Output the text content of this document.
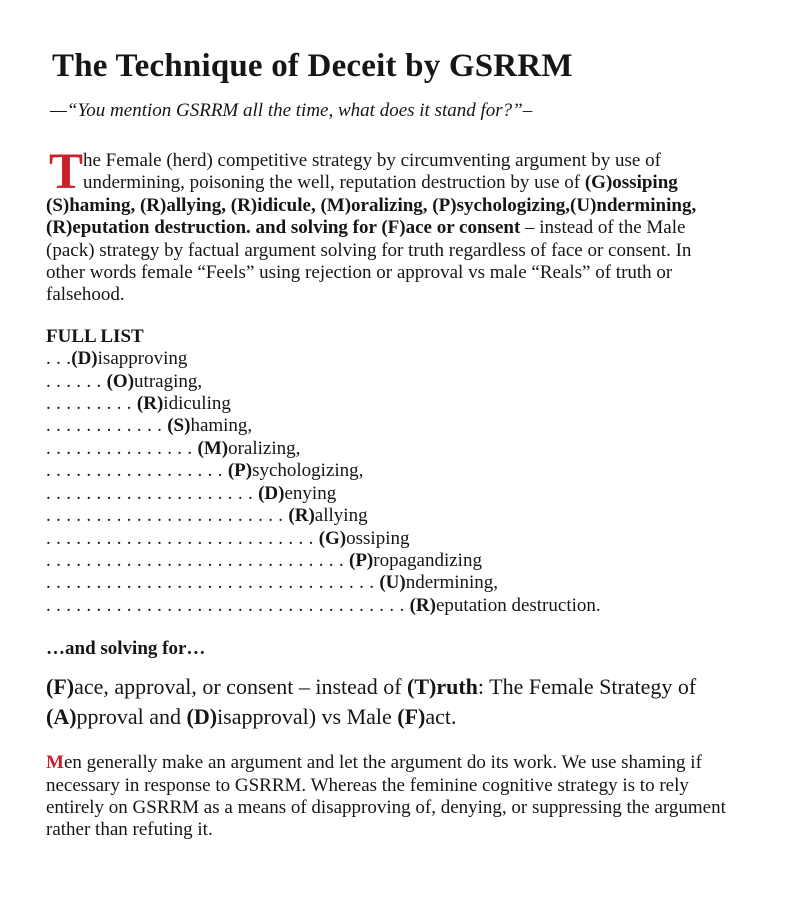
The Technique of Deceit by GSRRM

—“You mention GSRRM all the time, what does it stand for?”–

T he Female (herd) competitive strategy by circumventing argument by use of
undermining, poisoning the well, reputation destruction by use of (G)ossiping
(S)haming, (R)allying, (R)idicule, (M)oralizing, (P)sychologizing,(U)ndermining,
(R)eputation destruction. and solving for (F)ace or consent – instead of the Male
(pack) strategy by factual argument solving for truth regardless of face or consent. In
other words female “Feels” using rejection or approval vs male “Reals” of truth or
falsehood.
FULL LIST
. . .(D)isapproving
. . . . . . (O)utraging,
. . . . . . . . . (R)idiculing
. . . . . . . . . . . . (S)haming,
. . . . . . . . . . . . . . . (M)oralizing,
. . . . . . . . . . . . . . . . . . (P)sychologizing,
. . . . . . . . . . . . . . . . . . . . . (D)enying
. . . . . . . . . . . . . . . . . . . . . . . . (R)allying
. . . . . . . . . . . . . . . . . . . . . . . . . . . (G)ossiping
. . . . . . . . . . . . . . . . . . . . . . . . . . . . . . (P)ropagandizing
. . . . . . . . . . . . . . . . . . . . . . . . . . . . . . . . . (U)ndermining,
. . . . . . . . . . . . . . . . . . . . . . . . . . . . . . . . . . . . (R)eputation destruction.
…and solving for…
(F)ace, approval, or consent – instead of (T)ruth: The Female Strategy of
(A)pproval and (D)isapproval) vs Male (F)act.
Men generally make an argument and let the argument do its work. We use shaming if
necessary in response to GSRRM. Whereas the feminine cognitive strategy is to rely
entirely on GSRRM as a means of disapproving of, denying, or suppressing the argument
rather than refuting it.
